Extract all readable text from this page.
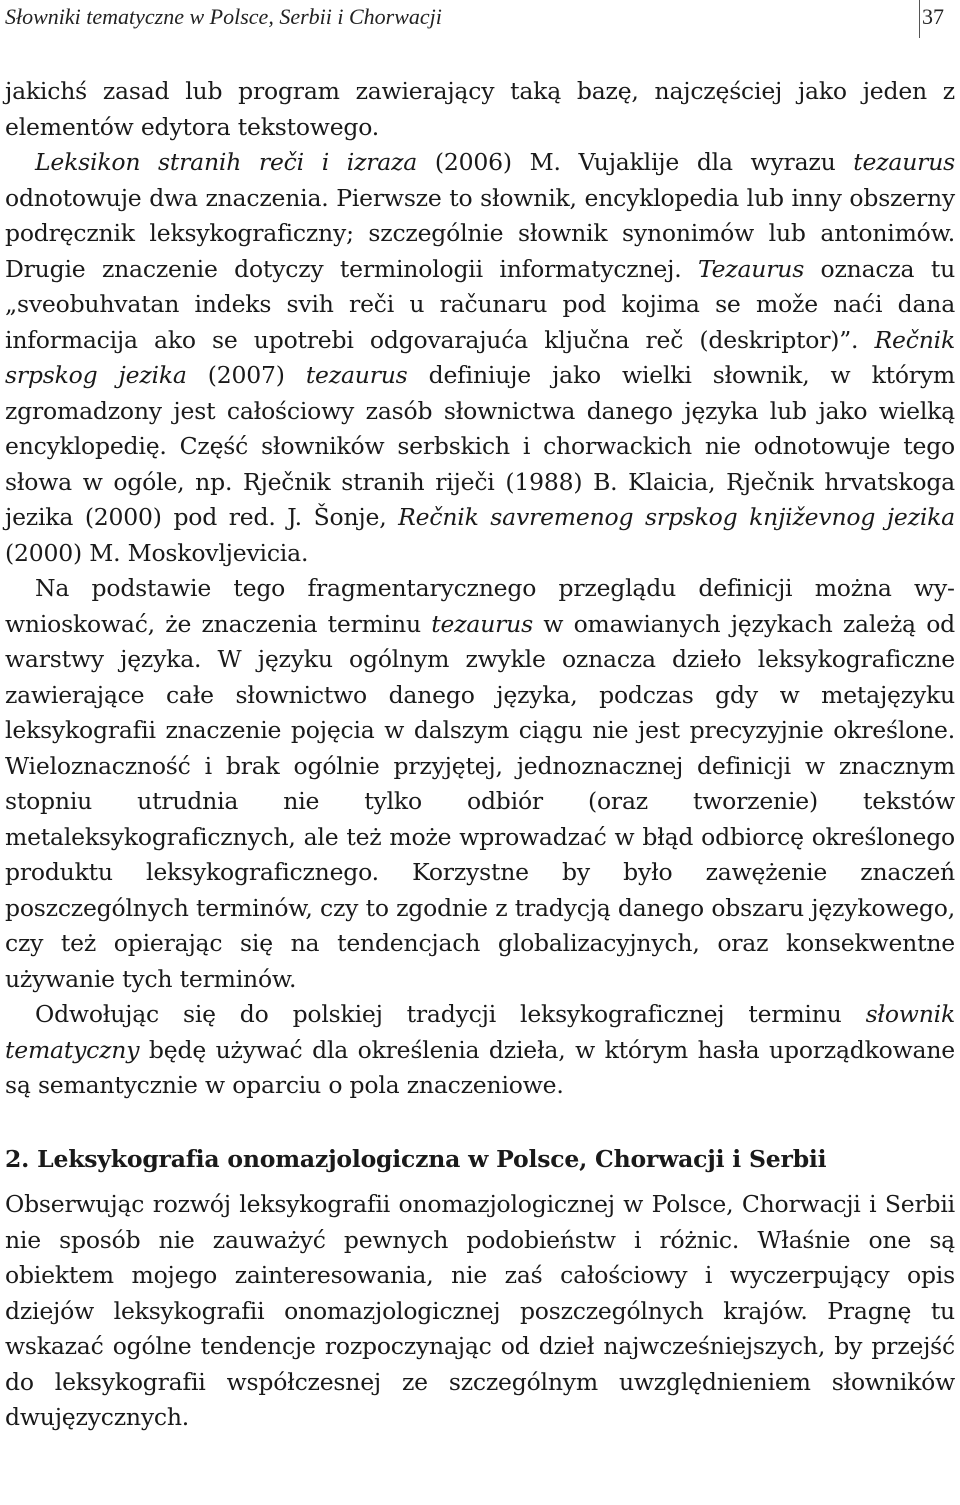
Słowniki tematyczne w Polsce, Serbii i Chorwacji	37

jakichś zasad lub program zawierający taką bazę, najczęściej jako jeden z elementów edytora tekstowego.

Leksikon stranih reči i izraza (2006) M. Vujaklije dla wyrazu tezaurus odnotowuje dwa znaczenia. Pierwsze to słownik, encyklopedia lub inny obszerny podręcznik leksykograficzny; szczególnie słownik synonimów lub antonimów. Drugie znaczenie dotyczy terminologii informatycznej. Tezaurus oznacza tu „sveobuhvatan indeks svih reči u računaru pod kojima se može naći dana informacija ako se upotrebi odgovarajuća ključna reč (deskriptor)”. Rečnik srpskog jezika (2007) tezaurus definiuje jako wielki słownik, w którym zgromadzony jest całościowy zasób słownictwa danego języka lub jako wielką encyklopedię. Część słowników serbskich i chorwackich nie odnotowuje tego słowa w ogóle, np. Rječnik stranih riječi (1988) B. Klaicia, Rječnik hrvatskoga jezika (2000) pod red. J. Šonje, Rečnik savremenog srpskog književnog jezika (2000) M. Moskovljevicia.

Na podstawie tego fragmentarycznego przeglądu definicji można wywnioskować, że znaczenia terminu tezaurus w omawianych językach zależą od warstwy języka. W języku ogólnym zwykle oznacza dzieło leksykograficzne zawierające całe słownictwo danego języka, podczas gdy w metajęzyku leksykografii znaczenie pojęcia w dalszym ciągu nie jest precyzyjnie określone. Wieloznaczność i brak ogólnie przyjętej, jednoznacznej definicji w znacznym stopniu utrudnia nie tylko odbiór (oraz tworzenie) tekstów metaleksykograficznych, ale też może wprowadzać w błąd odbiorcę określonego produktu leksykograficznego. Korzystne by było zawężenie znaczeń poszczególnych terminów, czy to zgodnie z tradycją danego obszaru językowego, czy też opierając się na tendencjach globalizacyjnych, oraz konsekwentne używanie tych terminów.

Odwołując się do polskiej tradycji leksykograficznej terminu słownik tematyczny będę używać dla określenia dzieła, w którym hasła uporządkowane są semantycznie w oparciu o pola znaczeniowe.

2. Leksykografia onomazjologiczna w Polsce, Chorwacji i Serbii

Obserwując rozwój leksykografii onomazjologicznej w Polsce, Chorwacji i Serbii nie sposób nie zauważyć pewnych podobieństw i różnic. Właśnie one są obiektem mojego zainteresowania, nie zaś całościowy i wyczerpujący opis dziejów leksykografii onomazjologicznej poszczególnych krajów. Pragnę tu wskazać ogólne tendencje rozpoczynając od dzieł najwcześniejszych, by przejść do leksykografii współczesnej ze szczególnym uwzględnieniem słowników dwujęzycznych.
